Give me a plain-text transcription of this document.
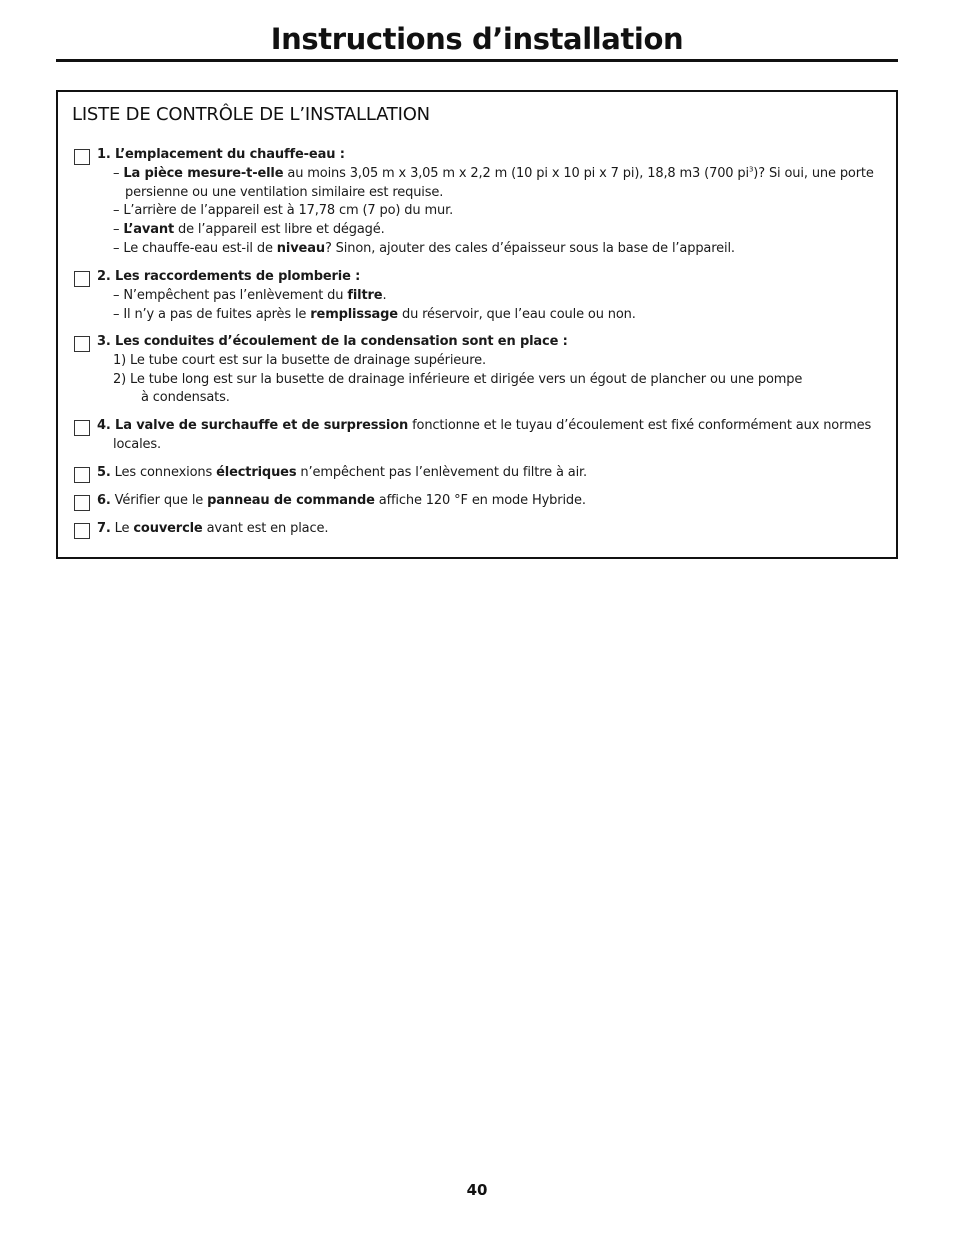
Instructions d’installation
LISTE DE CONTRÔLE DE L’INSTALLATION
1. L’emplacement du chauffe-eau :
– La pièce mesure-t-elle au moins 3,05 m x 3,05 m x 2,2 m (10 pi x 10 pi x 7 pi), 18,8 m3 (700 $pi^3$)? Si oui, une porte
persienne ou une ventilation similaire est requise.
– L’arrière de l’appareil est à 17,78 cm (7 po) du mur.
– L’avant de l’appareil est libre et dégagé.
– Le chauffe-eau est-il de niveau? Sinon, ajouter des cales d’épaisseur sous la base de l’appareil.
2. Les raccordements de plomberie :
– N’empêchent pas l’enlèvement du filtre.
– Il n’y a pas de fuites après le remplissage du réservoir, que l’eau coule ou non.
3. Les conduites d’écoulement de la condensation sont en place :
1) Le tube court est sur la busette de drainage supérieure.
2) Le tube long est sur la busette de drainage inférieure et dirigée vers un égout de plancher ou une pompe
à condensats.
4. La valve de surchauffe et de surpression fonctionne et le tuyau d’écoulement est fixé conformément aux normes
locales.
5. Les connexions électriques n’empêchent pas l’enlèvement du filtre à air.
6. Vérifier que le panneau de commande affiche 120 °F en mode Hybride.
7. Le couvercle avant est en place.
40
